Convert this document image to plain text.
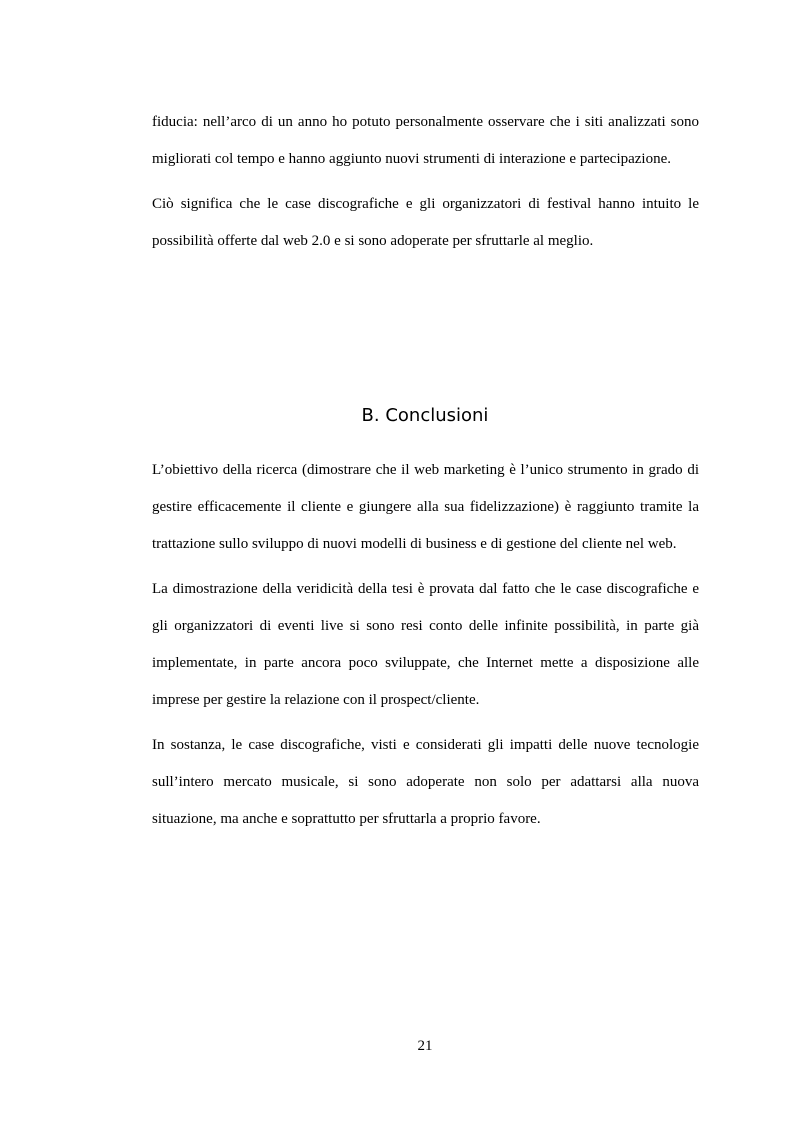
fiducia: nell’arco di un anno ho potuto personalmente osservare che i siti analizzati sono migliorati col tempo e hanno aggiunto nuovi strumenti di interazione e partecipazione.

Ciò significa che le case discografiche e gli organizzatori di festival hanno intuito le possibilità offerte dal web 2.0 e si sono adoperate per sfruttarle al meglio.

B. Conclusioni

L’obiettivo della ricerca (dimostrare che il web marketing è l’unico strumento in grado di gestire efficacemente il cliente e giungere alla sua fidelizzazione) è raggiunto tramite la trattazione sullo sviluppo di nuovi modelli di business e di gestione del cliente nel web.

La dimostrazione della veridicità della tesi è provata dal fatto che le case discografiche e gli organizzatori di eventi live si sono resi conto delle infinite possibilità, in parte già implementate, in parte ancora poco sviluppate, che Internet mette a disposizione alle imprese per gestire la relazione con il prospect/cliente.

In sostanza, le case discografiche, visti e considerati gli impatti delle nuove tecnologie sull’intero mercato musicale, si sono adoperate non solo per adattarsi alla nuova situazione, ma anche e soprattutto per sfruttarla a proprio favore.

21
